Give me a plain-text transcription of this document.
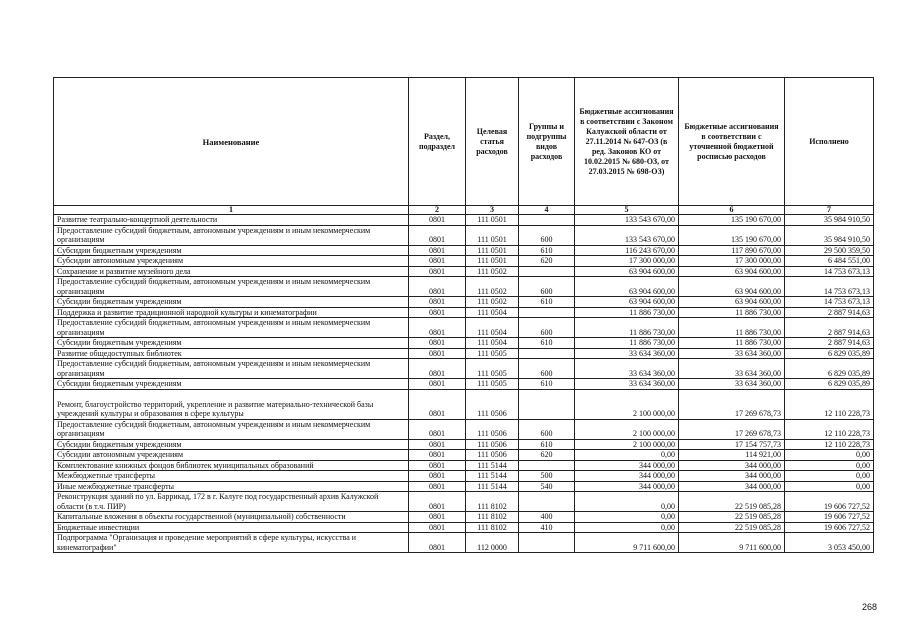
Наименование	Раздел, подраздел	Целевая статья расходов	Группы и подгруппы видов расходов	Бюджетные ассигнования в соответствии с Законом Калужской области от 27.11.2014 № 647-ОЗ (в ред. Законов КО от 10.02.2015 № 680-ОЗ, от 27.03.2015 № 698-ОЗ)	Бюджетные ассигнования в соответствии с уточненной бюджетной росписью расходов	Исполнено
1	2	3	4	5	6	7
Развитие театрально-концертной деятельности	0801	111 0501		133 543 670,00	135 190 670,00	35 984 910,50
Предоставление субсидий бюджетным, автономным учреждениям и иным некоммерческим организациям	0801	111 0501	600	133 543 670,00	135 190 670,00	35 984 910,50
Субсидии бюджетным учреждениям	0801	111 0501	610	116 243 670,00	117 890 670,00	29 500 359,50
Субсидии автономным учреждениям	0801	111 0501	620	17 300 000,00	17 300 000,00	6 484 551,00
Сохранение и развитие музейного дела	0801	111 0502		63 904 600,00	63 904 600,00	14 753 673,13
Предоставление субсидий бюджетным, автономным учреждениям и иным некоммерческим организациям	0801	111 0502	600	63 904 600,00	63 904 600,00	14 753 673,13
Субсидии бюджетным учреждениям	0801	111 0502	610	63 904 600,00	63 904 600,00	14 753 673,13
Поддержка и развитие традиционной народной культуры и кинематографии	0801	111 0504		11 886 730,00	11 886 730,00	2 887 914,63
Предоставление субсидий бюджетным, автономным учреждениям и иным некоммерческим организациям	0801	111 0504	600	11 886 730,00	11 886 730,00	2 887 914,63
Субсидии бюджетным учреждениям	0801	111 0504	610	11 886 730,00	11 886 730,00	2 887 914,63
Развитие общедоступных библиотек	0801	111 0505		33 634 360,00	33 634 360,00	6 829 035,89
Предоставление субсидий бюджетным, автономным учреждениям и иным некоммерческим организациям	0801	111 0505	600	33 634 360,00	33 634 360,00	6 829 035,89
Субсидии бюджетным учреждениям	0801	111 0505	610	33 634 360,00	33 634 360,00	6 829 035,89
Ремонт, благоустройство территорий, укрепление и развитие материально-технической базы учреждений культуры и образования в сфере культуры	0801	111 0506		2 100 000,00	17 269 678,73	12 110 228,73
Предоставление субсидий бюджетным, автономным учреждениям и иным некоммерческим организациям	0801	111 0506	600	2 100 000,00	17 269 678,73	12 110 228,73
Субсидии бюджетным учреждениям	0801	111 0506	610	2 100 000,00	17 154 757,73	12 110 228,73
Субсидии автономным учреждениям	0801	111 0506	620	0,00	114 921,00	0,00
Комплектование книжных фондов библиотек муниципальных образований	0801	111 5144		344 000,00	344 000,00	0,00
Межбюджетные трансферты	0801	111 5144	500	344 000,00	344 000,00	0,00
Иные межбюджетные трансферты	0801	111 5144	540	344 000,00	344 000,00	0,00
Реконструкция зданий по ул. Баррикад, 172 в г. Калуге под государственный архив Калужской области (в т.ч. ПИР)	0801	111 8102		0,00	22 519 085,28	19 606 727,52
Капитальные вложения в объекты государственной (муниципальной) собственности	0801	111 8102	400	0,00	22 519 085,28	19 606 727,52
Бюджетные инвестиции	0801	111 8102	410	0,00	22 519 085,28	19 606 727,52
Подпрограмма "Организация и проведение мероприятий в сфере культуры, искусства и кинематографии"	0801	112 0000		9 711 600,00	9 711 600,00	3 053 450,00
268
